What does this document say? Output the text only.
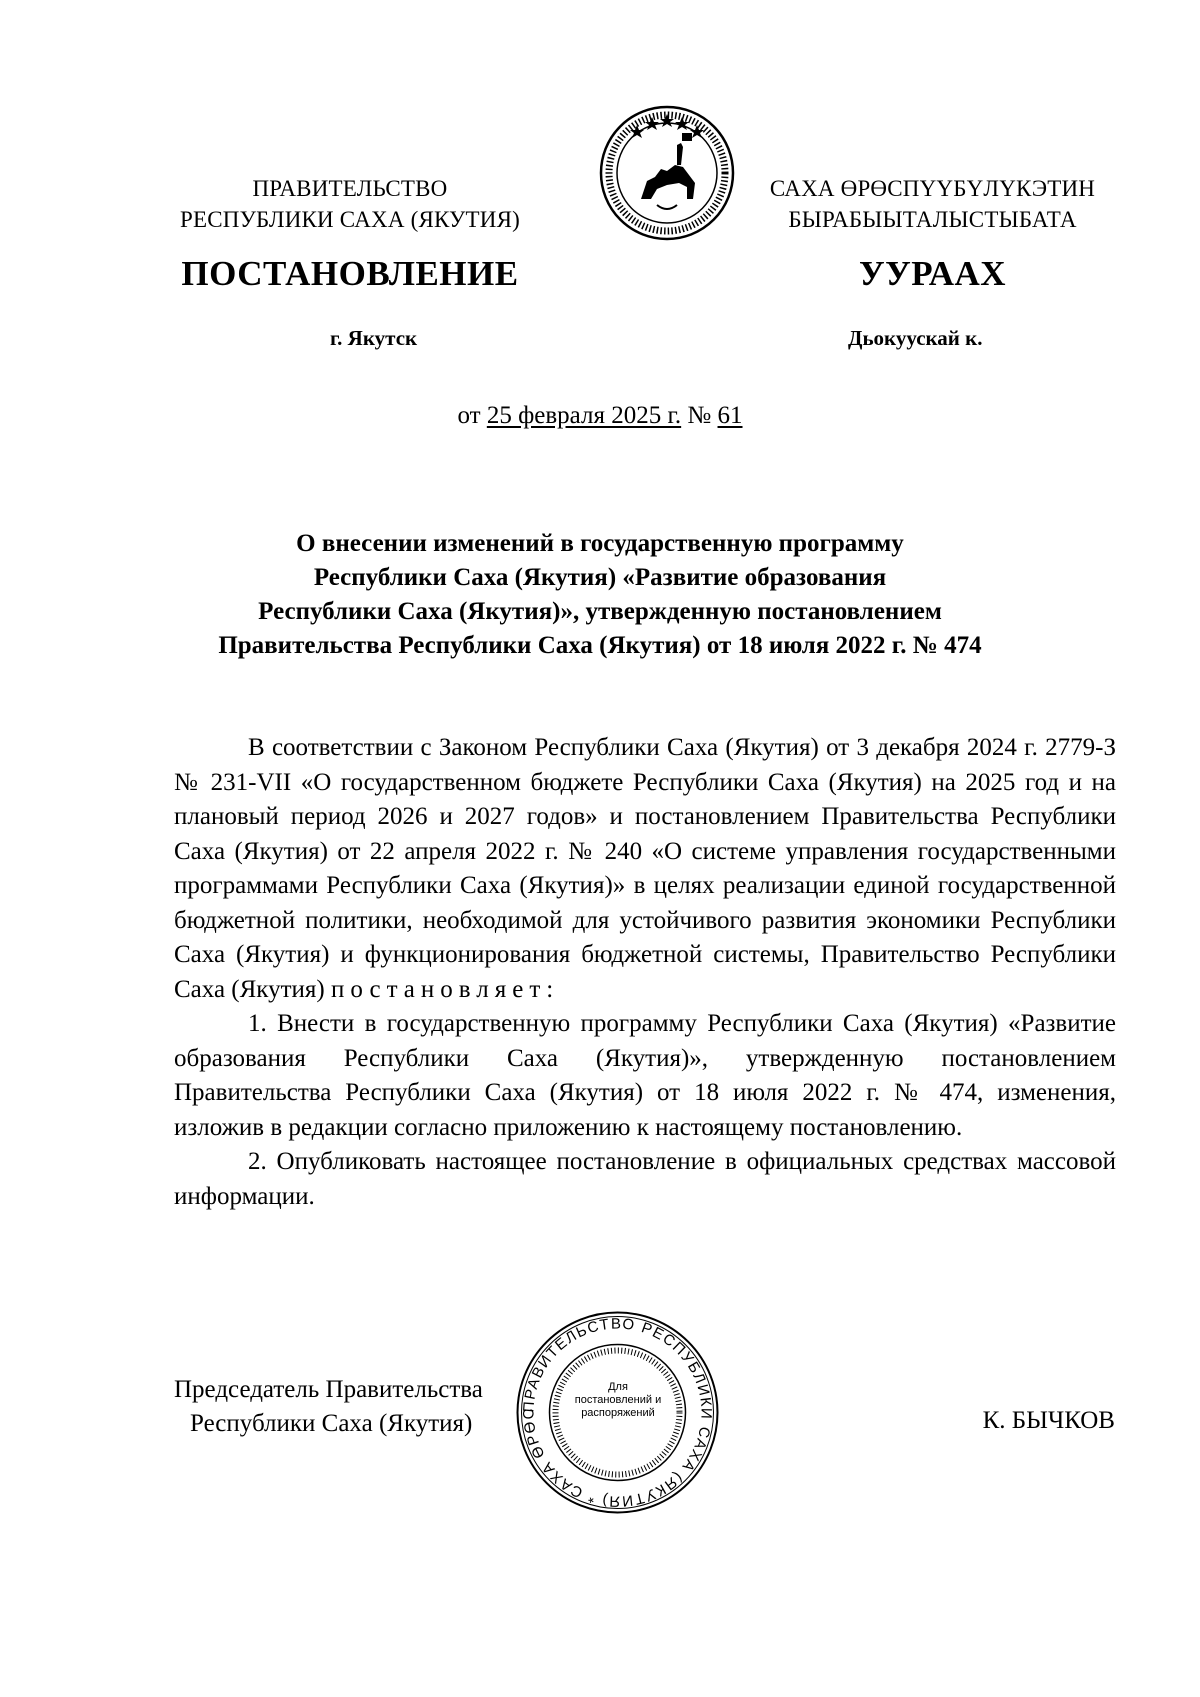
ПРАВИТЕЛЬСТВО
РЕСПУБЛИКИ САХА (ЯКУТИЯ)
САХА ӨРӨСПҮҮБҮЛҮКЭТИН
БЫРАБЫЫТАЛЫСТЫБАТА
ПОСТАНОВЛЕНИЕ	УУРААХ
г. Якутск	Дьокуускай к.
от 25 февраля 2025 г. № 61
О внесении изменений в государственную программу
Республики Саха (Якутия) «Развитие образования
Республики Саха (Якутия)», утвержденную постановлением
Правительства Республики Саха (Якутия) от 18 июля 2022 г. № 474

В соответствии с Законом Республики Саха (Якутия) от 3 декабря 2024 г. 2779-З № 231-VII «О государственном бюджете Республики Саха (Якутия) на 2025 год и на плановый период 2026 и 2027 годов» и постановлением Правительства Республики Саха (Якутия) от 22 апреля 2022 г. № 240 «О системе управления государственными программами Республики Саха (Якутия)» в целях реализации единой государственной бюджетной политики, необходимой для устойчивого развития экономики Республики Саха (Якутия) и функционирования бюджетной системы, Правительство Республики Саха (Якутия) постановляет:

1. Внести в государственную программу Республики Саха (Якутия) «Развитие образования Республики Саха (Якутия)», утвержденную постановлением Правительства Республики Саха (Якутия) от 18 июля 2022 г. № 474, изменения, изложив в редакции согласно приложению к настоящему постановлению.

2. Опубликовать настоящее постановление в официальных средствах массовой информации.

Председатель Правительства
Республики Саха (Якутия)	К. БЫЧКОВ
ПРАВИТЕЛЬСТВО РЕСПУБЛИКИ САХА (ЯКУТИЯ) * САХА ӨРӨС
Для
постановлений и
распоряжений
